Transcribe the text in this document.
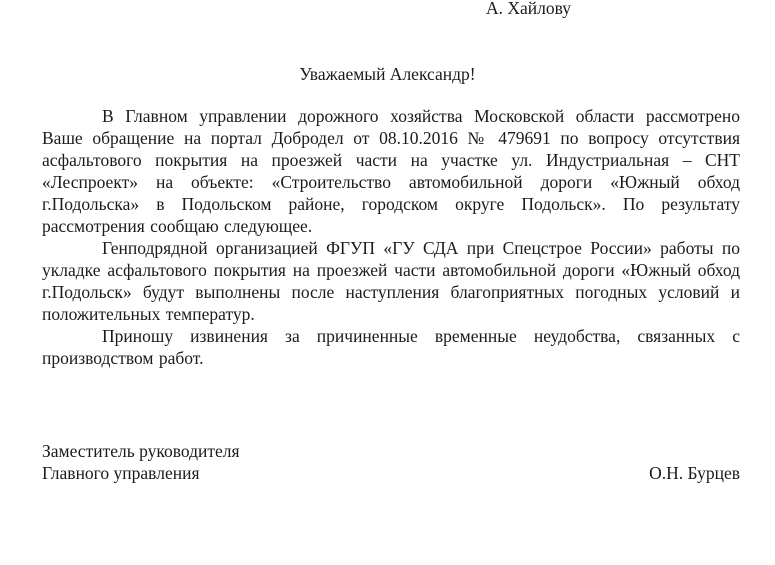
А. Хайлову
Уважаемый Александр!

В Главном управлении дорожного хозяйства Московской области рассмотрено Ваше обращение на портал Добродел от 08.10.2016 № 479691 по вопросу отсутствия асфальтового покрытия на проезжей части на участке ул. Индустриальная – СНТ «Леспроект» на объекте: «Строительство автомобильной дороги «Южный обход г.Подольска» в Подольском районе, городском округе Подольск». По результату рассмотрения сообщаю следующее.

Генподрядной организацией ФГУП «ГУ СДА при Спецстрое России» работы по укладке асфальтового покрытия на проезжей части автомобильной дороги «Южный обход г.Подольск» будут выполнены после наступления благоприятных погодных условий и положительных температур.

Приношу извинения за причиненные временные неудобства, связанных с производством работ.

Заместитель руководителя
Главного управления	О.Н. Бурцев
